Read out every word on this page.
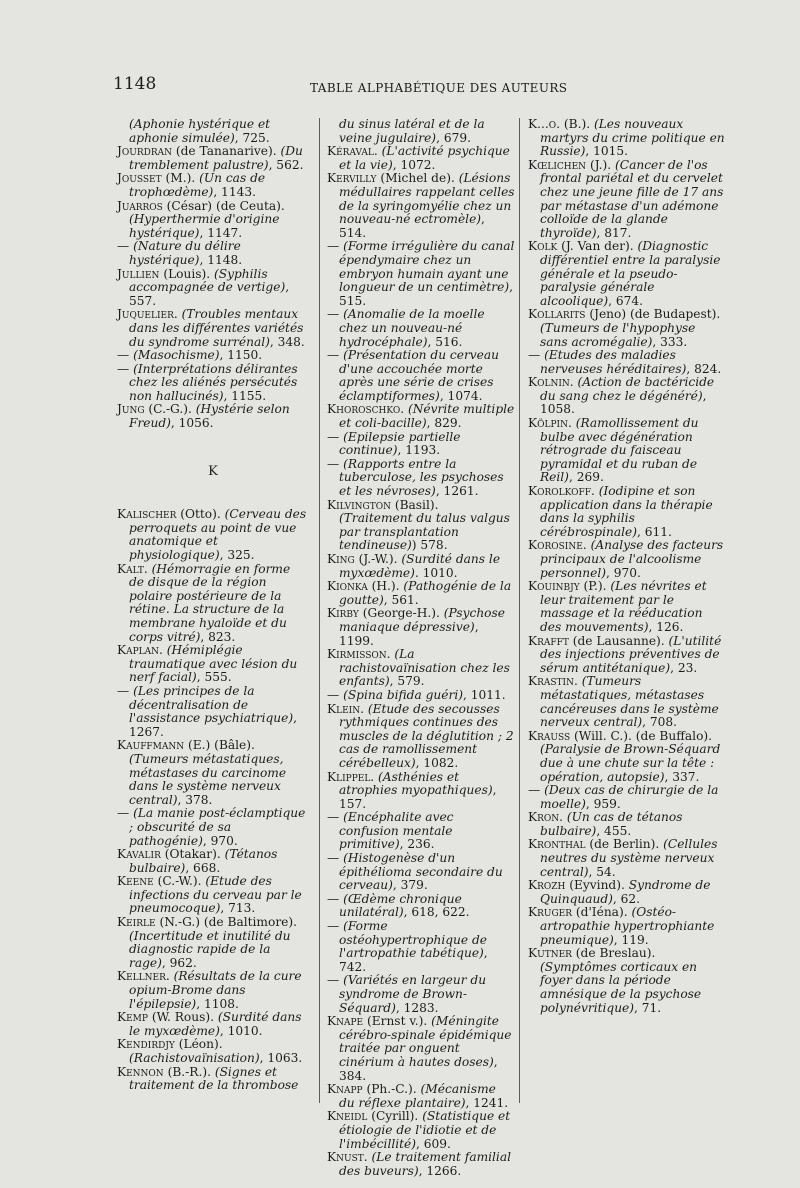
1148	TABLE ALPHABÉTIQUE DES AUTEURS

(Aphonie hystérique et aphonie simulée), 725.

Jourdran (de Tananarive). (Du tremblement palustre), 562.

Jousset (M.). (Un cas de trophœdème), 1143.

Juarros (César) (de Ceuta). (Hyperthermie d'origine hystérique), 1147.

— (Nature du délire hystérique), 1148.

Jullien (Louis). (Syphilis accompagnée de vertige), 557.

Juquelier. (Troubles mentaux dans les différentes variétés du syndrome surrénal), 348.

— (Masochisme), 1150.

— (Interprétations délirantes chez les aliénés persécutés non hallucinés), 1155.

Jung (C.-G.). (Hystérie selon Freud), 1056.

K

Kalischer (Otto). (Cerveau des perroquets au point de vue anatomique et physiologique), 325.

Kalt. (Hémorragie en forme de disque de la région polaire postérieure de la rétine. La structure de la membrane hyaloïde et du corps vitré), 823.

Kaplan. (Hémiplégie traumatique avec lésion du nerf facial), 555.

— (Les principes de la décentralisation de l'assistance psychiatrique), 1267.

Kauffmann (E.) (Bâle). (Tumeurs métastatiques, métastases du carcinome dans le système nerveux central), 378.

— (La manie post-éclamptique ; obscurité de sa pathogénie), 970.

Kavalir (Otakar). (Tétanos bulbaire), 668.

Keene (C.-W.). (Etude des infections du cerveau par le pneumocoque), 713.

Keirle (N.-G.) (de Baltimore). (Incertitude et inutilité du diagnostic rapide de la rage), 962.

Kellner. (Résultats de la cure opium-Brome dans l'épilepsie), 1108.

Kemp (W. Rous). (Surdité dans le myxœdème), 1010.

Kendirdjy (Léon). (Rachistovaïnisation), 1063.

Kennon (B.-R.). (Signes et traitement de la thrombose

du sinus latéral et de la veine jugulaire), 679.

Kéraval. (L'activité psychique et la vie), 1072.

Kervilly (Michel de). (Lésions médullaires rappelant celles de la syringomyélie chez un nouveau-né ectromèle), 514.

— (Forme irrégulière du canal épendymaire chez un embryon humain ayant une longueur de un centimètre), 515.

— (Anomalie de la moelle chez un nouveau-né hydrocéphale), 516.

— (Présentation du cerveau d'une accouchée morte après une série de crises éclamptiformes), 1074.

Khoroschko. (Névrite multiple et coli-bacille), 829.

— (Epilepsie partielle continue), 1193.

— (Rapports entre la tuberculose, les psychoses et les névroses), 1261.

Kilvington (Basil). (Traitement du talus valgus par transplantation tendineuse)) 578.

King (J.-W.). (Surdité dans le myxœdème). 1010.

Kionka (H.). (Pathogénie de la goutte), 561.

Kirby (George-H.). (Psychose maniaque dépressive), 1199.

Kirmisson. (La rachistovaïnisation chez les enfants), 579.

— (Spina bifida guéri), 1011.

Klein. (Etude des secousses rythmiques continues des muscles de la déglutition ; 2 cas de ramollissement cérébelleux), 1082.

Klippel. (Asthénies et atrophies myopathiques), 157.

— (Encéphalite avec confusion mentale primitive), 236.

— (Histogenèse d'un épithélioma secondaire du cerveau), 379.

— (Œdème chronique unilatéral), 618, 622.

— (Forme ostéohypertrophique de l'artropathie tabétique), 742.

— (Variétés en largeur du syndrome de Brown-Séquard), 1283.

Knape (Ernst v.). (Méningite cérébro-spinale épidémique traitée par onguent cinérium à hautes doses), 384.

Knapp (Ph.-C.). (Mécanisme du réflexe plantaire), 1241.

Kneidl (Cyrill). (Statistique et étiologie de l'idiotie et de l'imbécillité), 609.

Knust. (Le traitement familial des buveurs), 1266.

K...o. (B.). (Les nouveaux martyrs du crime politique en Russie), 1015.

Kœlichen (J.). (Cancer de l'os frontal pariétal et du cervelet chez une jeune fille de 17 ans par métastase d'un adémone colloïde de la glande thyroïde), 817.

Kolk (J. Van der). (Diagnostic différentiel entre la paralysie générale et la pseudo-paralysie générale alcoolique), 674.

Kollarits (Jeno) (de Budapest). (Tumeurs de l'hypophyse sans acromégalie), 333.

— (Etudes des maladies nerveuses héréditaires), 824.

Kolnin. (Action de bactéricide du sang chez le dégénéré), 1058.

Kölpin. (Ramollissement du bulbe avec dégénération rétrograde du faisceau pyramidal et du ruban de Reil), 269.

Korolkoff. (Iodipine et son application dans la thérapie dans la syphilis cérébrospinale), 611.

Korosine. (Analyse des facteurs principaux de l'alcoolisme personnel), 970.

Kouinbjy (P.). (Les névrites et leur traitement par le massage et la rééducation des mouvements), 126.

Krafft (de Lausanne). (L'utilité des injections préventives de sérum antitétanique), 23.

Krastin. (Tumeurs métastatiques, métastases cancéreuses dans le système nerveux central), 708.

Krauss (Will. C.). (de Buffalo). (Paralysie de Brown-Séquard due à une chute sur la tête : opération, autopsie), 337.

— (Deux cas de chirurgie de la moelle), 959.

Kron. (Un cas de tétanos bulbaire), 455.

Kronthal (de Berlin). (Cellules neutres du système nerveux central), 54.

Krozh (Eyvind). Syndrome de Quinquaud), 62.

Kruger (d'Iéna). (Ostéo-artropathie hypertrophiante pneumique), 119.

Kutner (de Breslau). (Symptômes corticaux en foyer dans la période amnésique de la psychose polynévritique), 71.
